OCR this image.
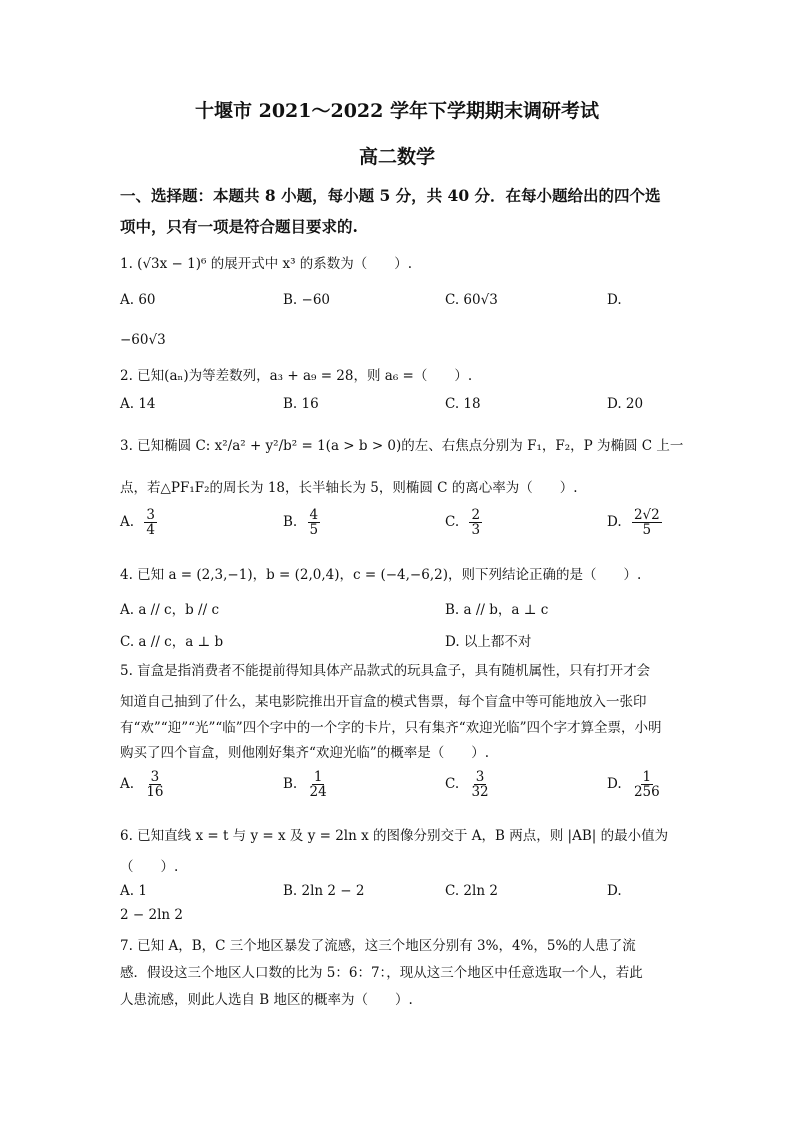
十堰市 2021～2022 学年下学期期末调研考试
高二数学
一、选择题：本题共 8 小题，每小题 5 分，共 40 分．在每小题给出的四个选
项中，只有一项是符合题目要求的.
1. (√3x − 1)⁶ 的展开式中 x³ 的系数为（　　）.
A. 60	B. −60	C. 60√3	D.
−60√3
2. 已知(aₙ)为等差数列，a₃ + a₉ = 28，则 a₆ =（　　）.
A. 14	B. 16	C. 18	D. 20
3. 已知椭圆 C: x²/a² + y²/b² = 1(a > b > 0)的左、右焦点分别为 F₁，F₂，P 为椭圆 C 上一
点，若△PF₁F₂的周长为 18，长半轴长为 5，则椭圆 C 的离心率为（　　）.
A. $\frac{3}{4}$	B. $\frac{4}{5}$	C. $\frac{2}{3}$	D. $\frac{2√2}{5}$
4. 已知 a = (2,3,−1)，b = (2,0,4)，c = (−4,−6,2)，则下列结论正确的是（　　）.
A. a // c，b // c	B. a // b，a ⊥ c
C. a // c，a ⊥ b	D. 以上都不对
5. 盲盒是指消费者不能提前得知具体产品款式的玩具盒子，具有随机属性，只有打开才会
知道自己抽到了什么，某电影院推出开盲盒的模式售票，每个盲盒中等可能地放入一张印
有“欢”“迎”“光”“临”四个字中的一个字的卡片，只有集齐“欢迎光临”四个字才算全票，小明
购买了四个盲盒，则他刚好集齐“欢迎光临”的概率是（　　）.
A. $\frac{3}{16}$	B. $\frac{1}{24}$	C. $\frac{3}{32}$	D. $\frac{1}{256}$
6. 已知直线 x = t 与 y = x 及 y = 2ln x 的图像分别交于 A，B 两点，则 |AB| 的最小值为
（　　）.
A. 1	B. 2ln 2 − 2	C. 2ln 2	D.
2 − 2ln 2
7. 已知 A，B，C 三个地区暴发了流感，这三个地区分别有 3%，4%，5%的人患了流
感．假设这三个地区人口数的比为 5：6：7：，现从这三个地区中任意选取一个人，若此
人患流感，则此人选自 B 地区的概率为（　　）.
